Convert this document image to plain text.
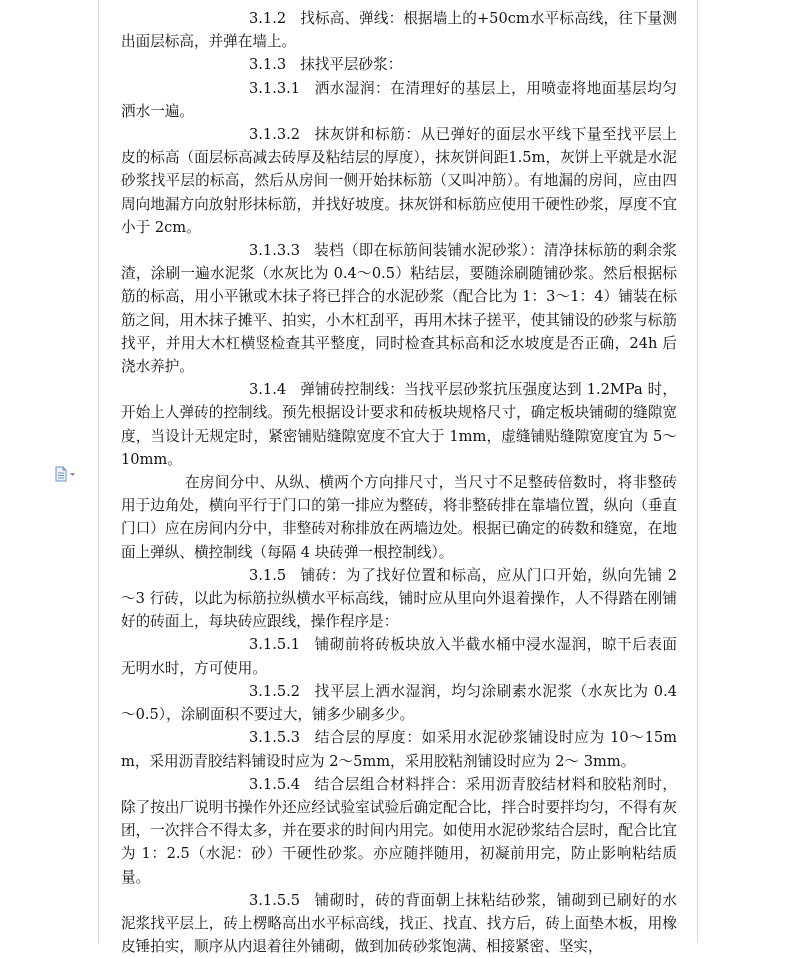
3.1.2 找标高、弹线：根据墙上的+50cm水平标高线，往下量测出面层标高，并弹在墙上。

3.1.3 抹找平层砂浆：

3.1.3.1 洒水湿润：在清理好的基层上，用喷壶将地面基层均匀洒水一遍。

3.1.3.2 抹灰饼和标筋：从已弹好的面层水平线下量至找平层上皮的标高（面层标高减去砖厚及粘结层的厚度），抹灰饼间距1.5m，灰饼上平就是水泥砂浆找平层的标高，然后从房间一侧开始抹标筋（又叫冲筋）。有地漏的房间，应由四周向地漏方向放射形抹标筋，并找好坡度。抹灰饼和标筋应使用干硬性砂浆，厚度不宜小于 2cm。

3.1.3.3 装档（即在标筋间装铺水泥砂浆）：清净抹标筋的剩余浆渣，涂刷一遍水泥浆（水灰比为 0.4～0.5）粘结层，要随涂刷随铺砂浆。然后根据标筋的标高，用小平锹或木抹子将已拌合的水泥砂浆（配合比为 1：3～1：4）铺装在标筋之间，用木抹子摊平、拍实，小木杠刮平，再用木抹子搓平，使其铺设的砂浆与标筋找平，并用大木杠横竖检查其平整度，同时检查其标高和泛水坡度是否正确，24h 后浇水养护。

3.1.4 弹铺砖控制线：当找平层砂浆抗压强度达到 1.2MPa 时，开始上人弹砖的控制线。预先根据设计要求和砖板块规格尺寸，确定板块铺砌的缝隙宽度，当设计无规定时，紧密铺贴缝隙宽度不宜大于 1mm，虚缝铺贴缝隙宽度宜为 5～10mm。

在房间分中、从纵、横两个方向排尺寸，当尺寸不足整砖倍数时，将非整砖用于边角处，横向平行于门口的第一排应为整砖，将非整砖排在靠墙位置，纵向（垂直门口）应在房间内分中，非整砖对称排放在两墙边处。根据已确定的砖数和缝宽，在地面上弹纵、横控制线（每隔 4 块砖弹一根控制线）。

3.1.5 铺砖：为了找好位置和标高，应从门口开始，纵向先铺 2～3 行砖，以此为标筋拉纵横水平标高线，铺时应从里向外退着操作，人不得踏在刚铺好的砖面上，每块砖应跟线，操作程序是：

3.1.5.1 铺砌前将砖板块放入半截水桶中浸水湿润，晾干后表面无明水时，方可使用。

3.1.5.2 找平层上洒水湿润，均匀涂刷素水泥浆（水灰比为 0.4～0.5），涂刷面积不要过大，铺多少刷多少。

3.1.5.3 结合层的厚度：如采用水泥砂浆铺设时应为 10～15mm，采用沥青胶结料铺设时应为 2～5mm，采用胶粘剂铺设时应为 2～ 3mm。

3.1.5.4 结合层组合材料拌合：采用沥青胶结材料和胶粘剂时，除了按出厂说明书操作外还应经试验室试验后确定配合比，拌合时要拌均匀，不得有灰团，一次拌合不得太多，并在要求的时间内用完。如使用水泥砂浆结合层时，配合比宜为 1：2.5（水泥：砂）干硬性砂浆。亦应随拌随用，初凝前用完，防止影响粘结质量。

3.1.5.5 铺砌时，砖的背面朝上抹粘结砂浆，铺砌到已刷好的水泥浆找平层上，砖上楞略高出水平标高线，找正、找直、找方后，砖上面垫木板，用橡皮锤拍实，顺序从内退着往外铺砌，做到加砖砂浆饱满、相接紧密、坚实，
